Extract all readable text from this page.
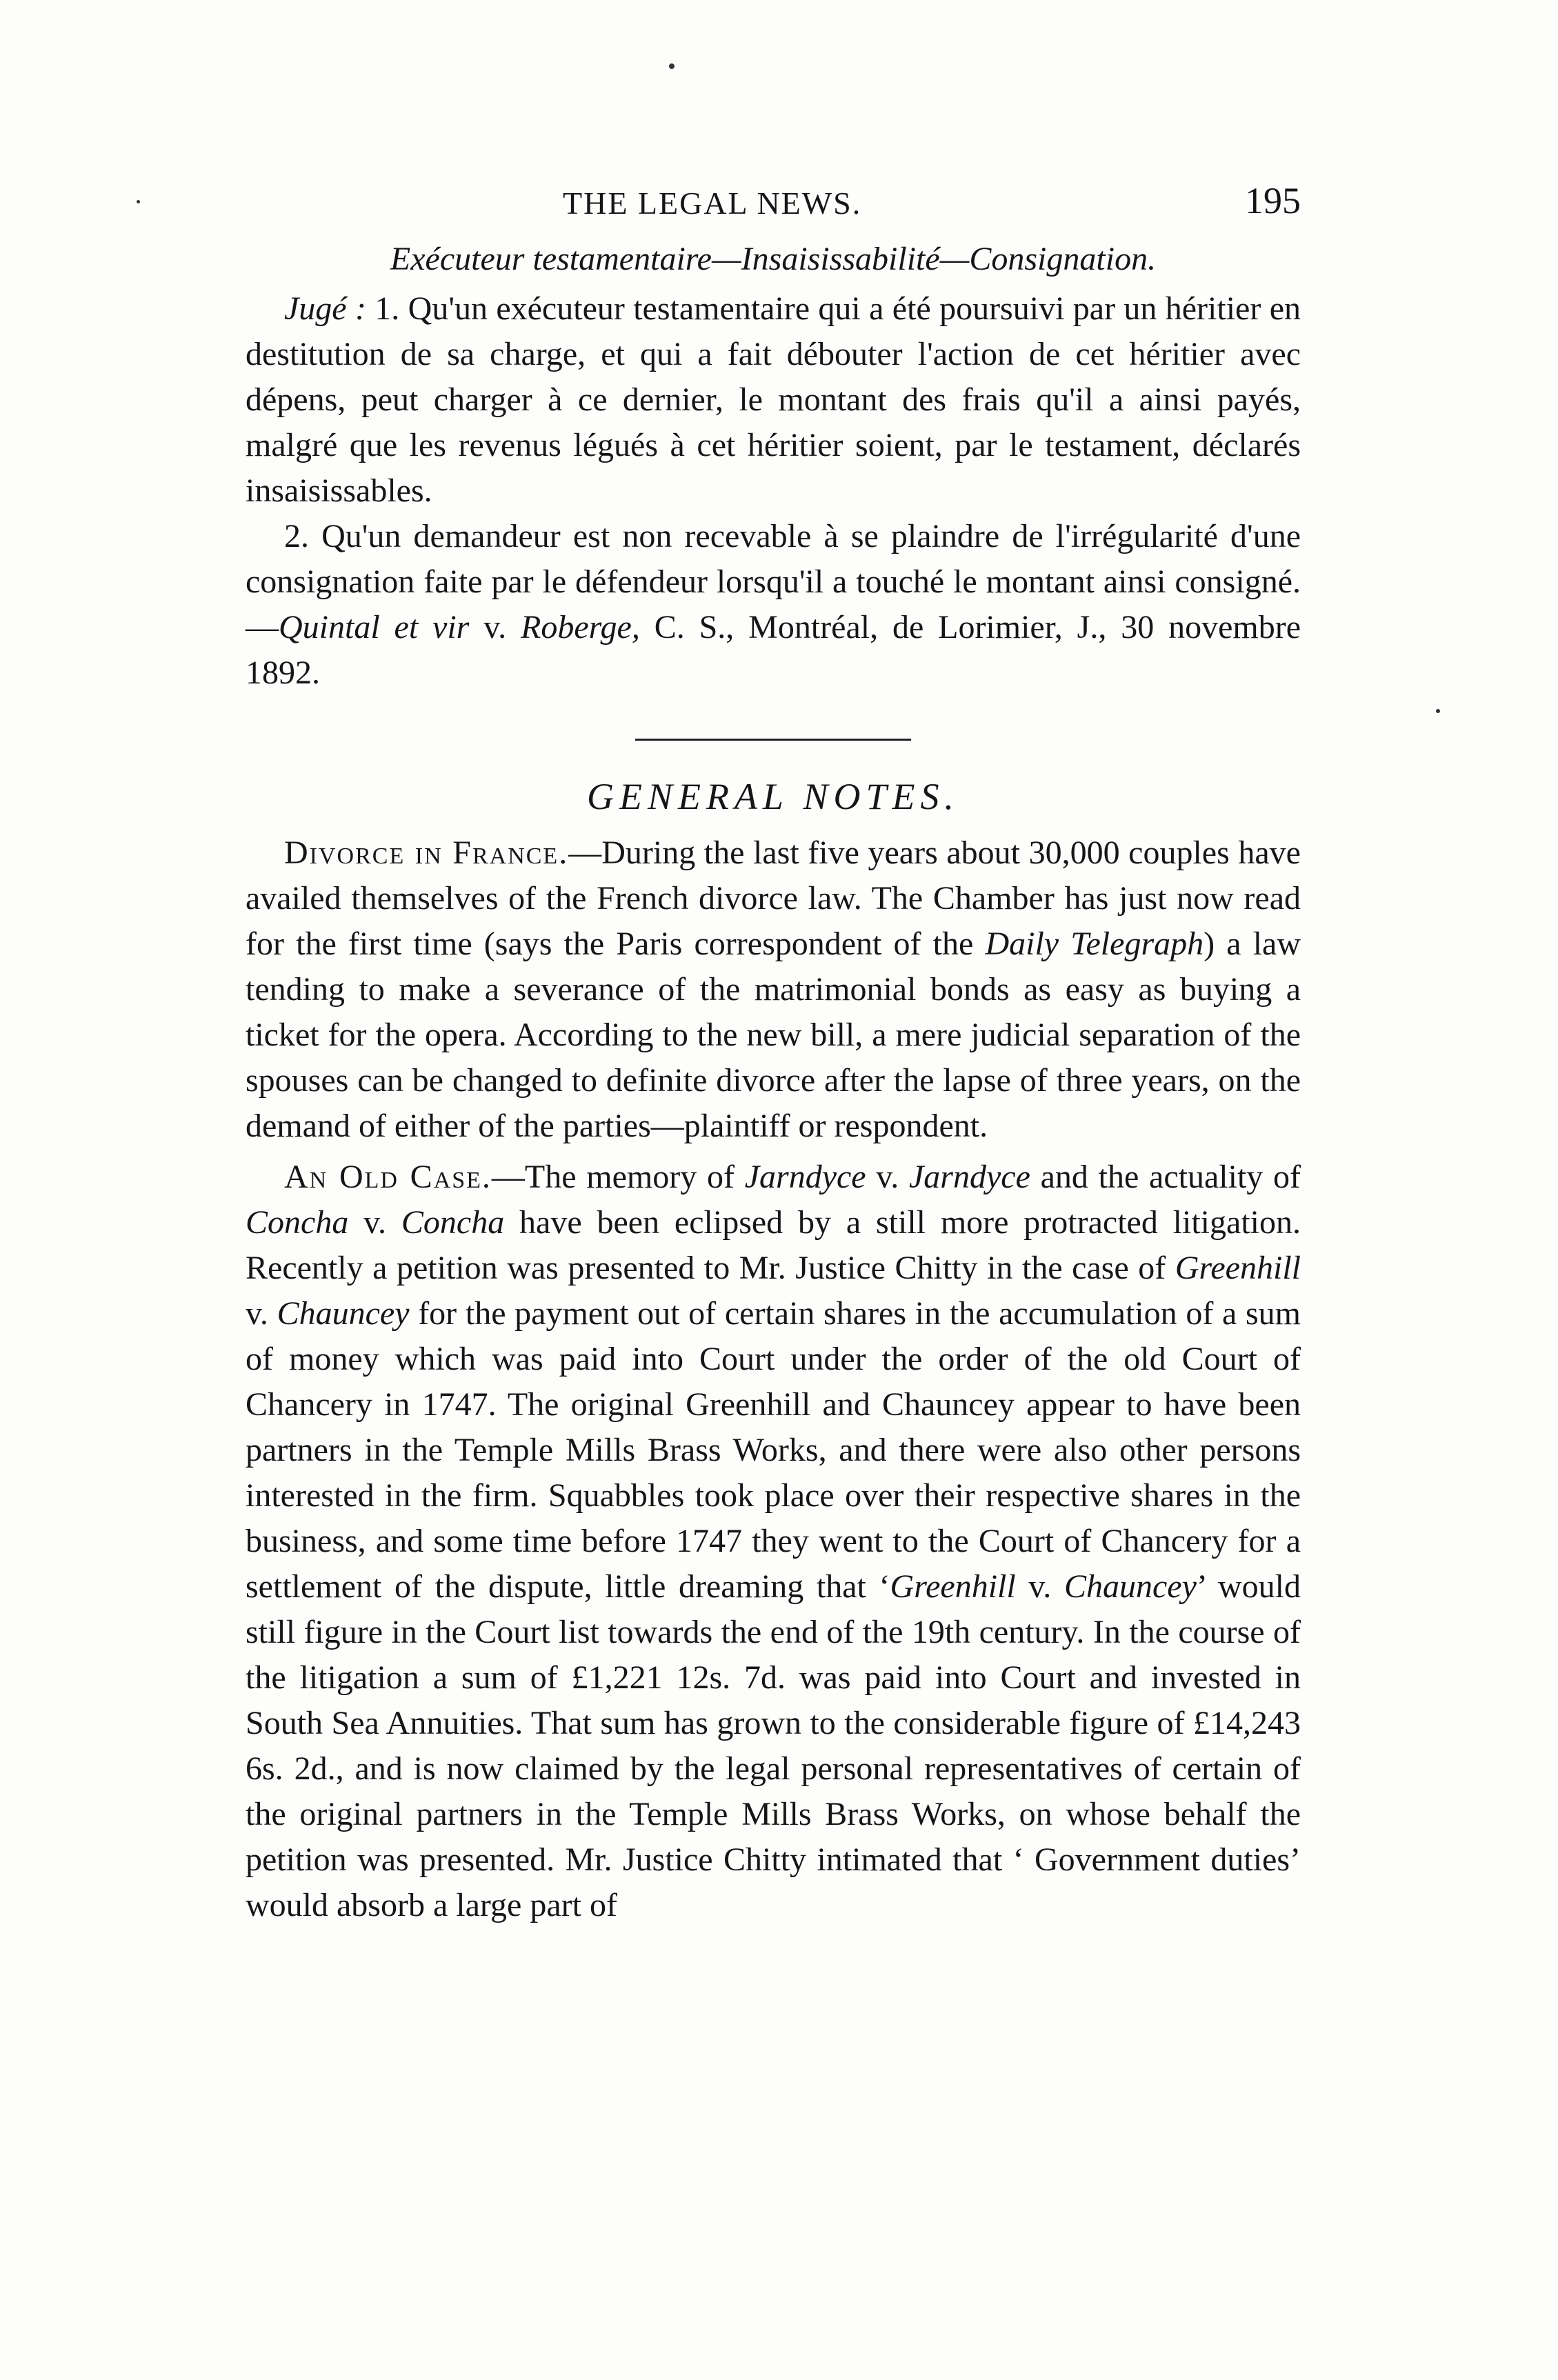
THE LEGAL NEWS.	195

Exécuteur testamentaire—Insaisissabilité—Consignation.

Jugé : 1. Qu'un exécuteur testamentaire qui a été poursuivi par un héritier en destitution de sa charge, et qui a fait débouter l'action de cet héritier avec dépens, peut charger à ce dernier, le montant des frais qu'il a ainsi payés, malgré que les revenus légués à cet héritier soient, par le testament, déclarés insaisissables.

2. Qu'un demandeur est non recevable à se plaindre de l'irrégularité d'une consignation faite par le défendeur lorsqu'il a touché le montant ainsi consigné.—Quintal et vir v. Roberge, C. S., Montréal, de Lorimier, J., 30 novembre 1892.

GENERAL NOTES.

Divorce in France.—During the last five years about 30,000 couples have availed themselves of the French divorce law. The Chamber has just now read for the first time (says the Paris correspondent of the Daily Telegraph) a law tending to make a severance of the matrimonial bonds as easy as buying a ticket for the opera. According to the new bill, a mere judicial separation of the spouses can be changed to definite divorce after the lapse of three years, on the demand of either of the parties—plaintiff or respondent.

An Old Case.—The memory of Jarndyce v. Jarndyce and the actuality of Concha v. Concha have been eclipsed by a still more protracted litigation. Recently a petition was presented to Mr. Justice Chitty in the case of Greenhill v. Chauncey for the payment out of certain shares in the accumulation of a sum of money which was paid into Court under the order of the old Court of Chancery in 1747. The original Greenhill and Chauncey appear to have been partners in the Temple Mills Brass Works, and there were also other persons interested in the firm. Squabbles took place over their respective shares in the business, and some time before 1747 they went to the Court of Chancery for a settlement of the dispute, little dreaming that ‘Greenhill v. Chauncey’ would still figure in the Court list towards the end of the 19th century. In the course of the litigation a sum of £1,221 12s. 7d. was paid into Court and invested in South Sea Annuities. That sum has grown to the considerable figure of £14,243 6s. 2d., and is now claimed by the legal personal representatives of certain of the original partners in the Temple Mills Brass Works, on whose behalf the petition was presented. Mr. Justice Chitty intimated that ‘ Government duties’ would absorb a large part of
